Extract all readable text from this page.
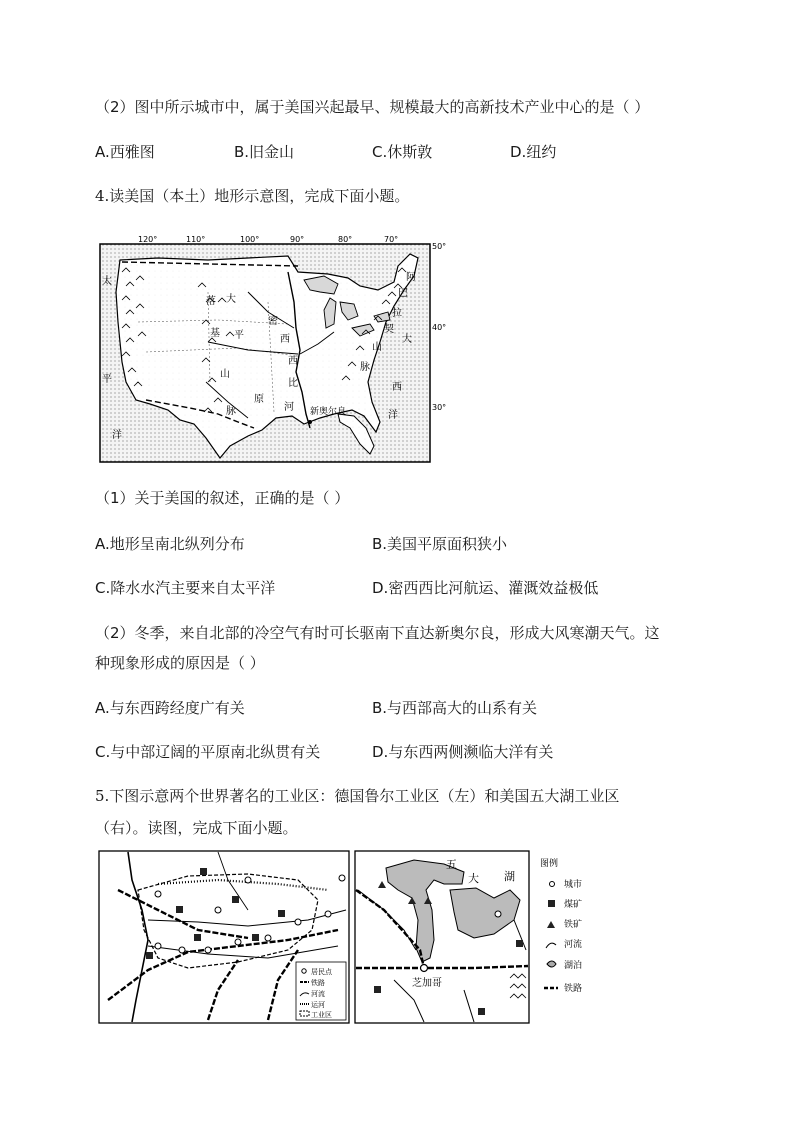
（2）图中所示城市中，属于美国兴起最早、规模最大的高新技术产业中心的是（ ）
A.西雅图	B.旧金山	C.休斯敦	D.纽约
4.读美国（本土）地形示意图，完成下面小题。
120°	110°	100°	90°	80°	70°
50°
40°
30°
太
平
洋
落 大
基
山
脉
平
原
密
西
西
比
河
阿
巴
拉
契
山
脉
大
西
洋
新奥尔良
（1）关于美国的叙述，正确的是（ ）
A.地形呈南北纵列分布	B.美国平原面积狭小
C.降水水汽主要来自太平洋	D.密西西比河航运、灌溉效益极低
（2）冬季，来自北部的冷空气有时可长驱南下直达新奥尔良，形成大风寒潮天气。这
种现象形成的原因是（ ）
A.与东西跨经度广有关	B.与西部高大的山系有关
C.与中部辽阔的平原南北纵贯有关	D.与东西两侧濒临大洋有关
5.下图示意两个世界著名的工业区：德国鲁尔工业区（左）和美国五大湖工业区
（右）。读图，完成下面小题。
居民点
铁路
河流
运河
工业区
五
大 湖
芝加哥
图例
城市
煤矿
铁矿
河流
湖泊
铁路
